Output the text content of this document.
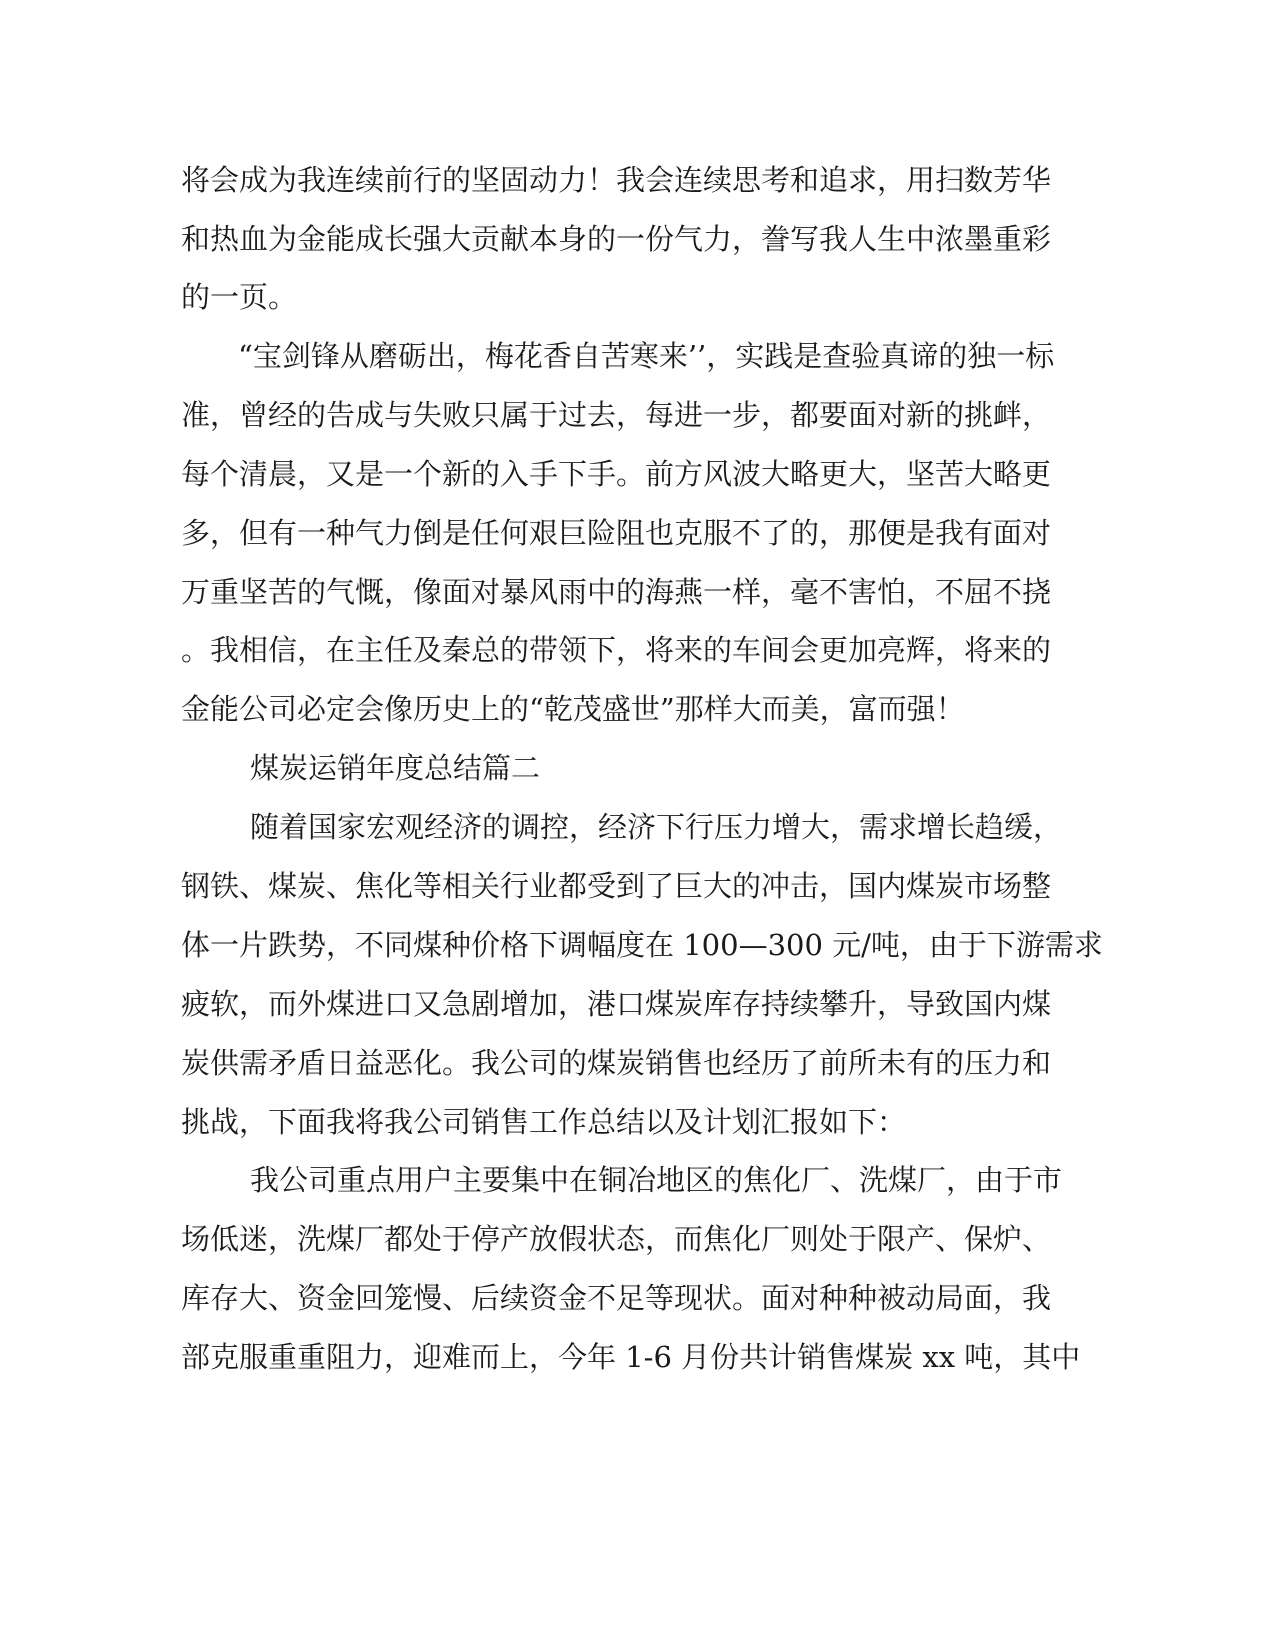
将会成为我连续前行的坚固动力！我会连续思考和追求，用扫数芳华
和热血为金能成长强大贡献本身的一份气力，誊写我人生中浓墨重彩
的一页。
“宝剑锋从磨砺出，梅花香自苦寒来’’，实践是查验真谛的独一标
准，曾经的告成与失败只属于过去，每进一步，都要面对新的挑衅，
每个清晨，又是一个新的入手下手。前方风波大略更大，坚苦大略更
多，但有一种气力倒是任何艰巨险阻也克服不了的，那便是我有面对
万重坚苦的气慨，像面对暴风雨中的海燕一样，毫不害怕，不屈不挠
。我相信，在主任及秦总的带领下，将来的车间会更加亮辉，将来的
金能公司必定会像历史上的“乾茂盛世”那样大而美，富而强！
煤炭运销年度总结篇二
随着国家宏观经济的调控，经济下行压力增大，需求增长趋缓，
钢铁、煤炭、焦化等相关行业都受到了巨大的冲击，国内煤炭市场整
体一片跌势，不同煤种价格下调幅度在 100—300 元/吨，由于下游需求
疲软，而外煤进口又急剧增加，港口煤炭库存持续攀升，导致国内煤
炭供需矛盾日益恶化。我公司的煤炭销售也经历了前所未有的压力和
挑战，下面我将我公司销售工作总结以及计划汇报如下：
我公司重点用户主要集中在铜冶地区的焦化厂、洗煤厂，由于市
场低迷，洗煤厂都处于停产放假状态，而焦化厂则处于限产、保炉、
库存大、资金回笼慢、后续资金不足等现状。面对种种被动局面，我
部克服重重阻力，迎难而上，今年 1-6 月份共计销售煤炭 xx 吨，其中
